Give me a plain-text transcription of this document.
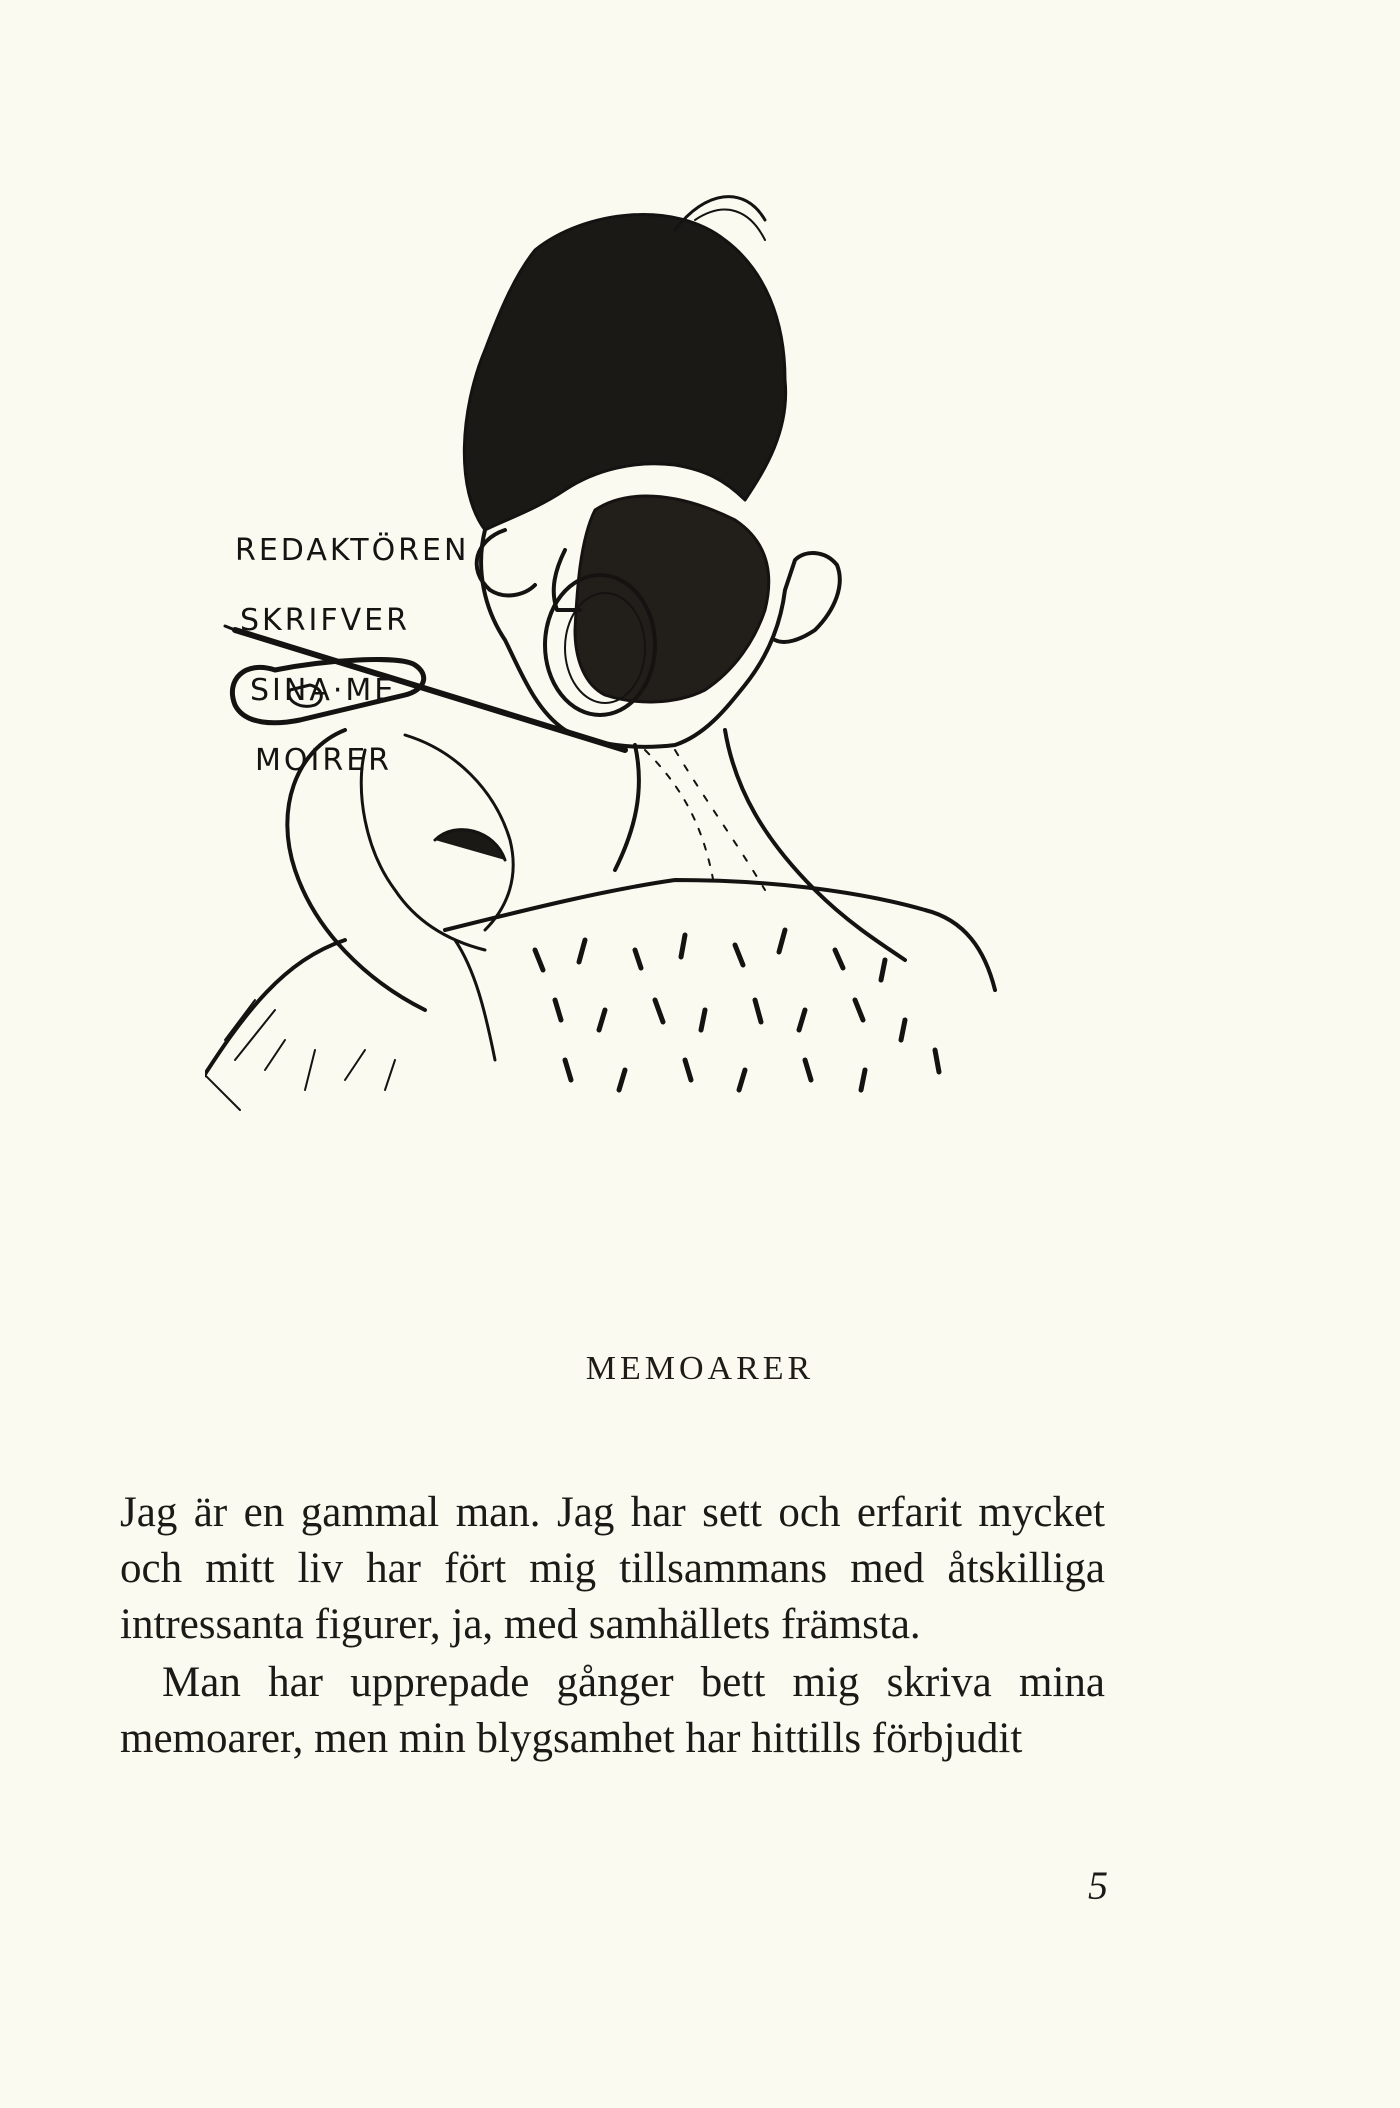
REDAKTÖREN
SKRIFVER
SINA·ME
MOIRER
MEMOARER

Jag är en gammal man. Jag har sett och erfarit mycket och mitt liv har fört mig tillsammans med åtskilliga intressanta figurer, ja, med samhällets främsta.

Man har upprepade gånger bett mig skriva mina memoarer, men min blygsamhet har hittills förbjudit

5
